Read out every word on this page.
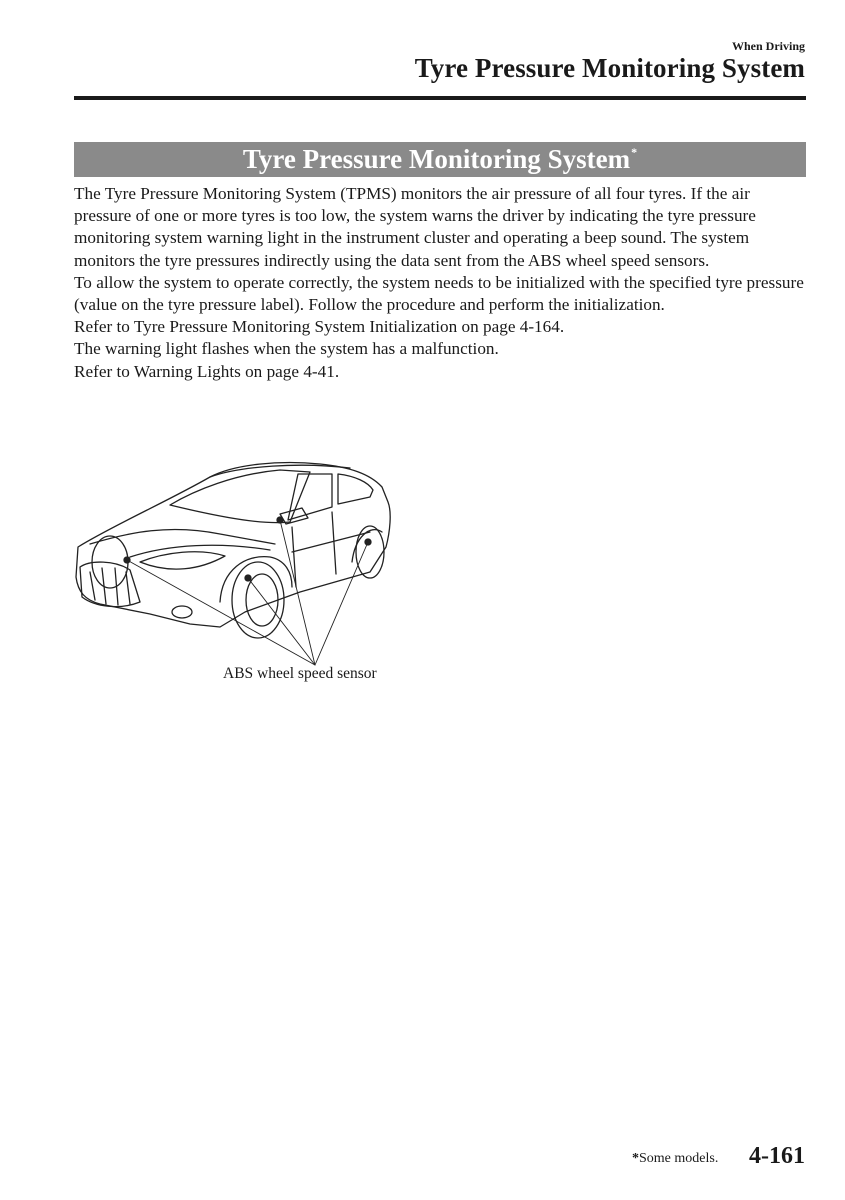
When Driving
Tyre Pressure Monitoring System
Tyre Pressure Monitoring System*

The Tyre Pressure Monitoring System (TPMS) monitors the air pressure of all four tyres. If the air pressure of one or more tyres is too low, the system warns the driver by indicating the tyre pressure monitoring system warning light in the instrument cluster and operating a beep sound. The system monitors the tyre pressures indirectly using the data sent from the ABS wheel speed sensors.

To allow the system to operate correctly, the system needs to be initialized with the specified tyre pressure (value on the tyre pressure label). Follow the procedure and perform the initialization.

Refer to Tyre Pressure Monitoring System Initialization on page 4-164.

The warning light flashes when the system has a malfunction.

Refer to Warning Lights on page 4-41.

ABS wheel speed sensor
*Some models. 4-161
